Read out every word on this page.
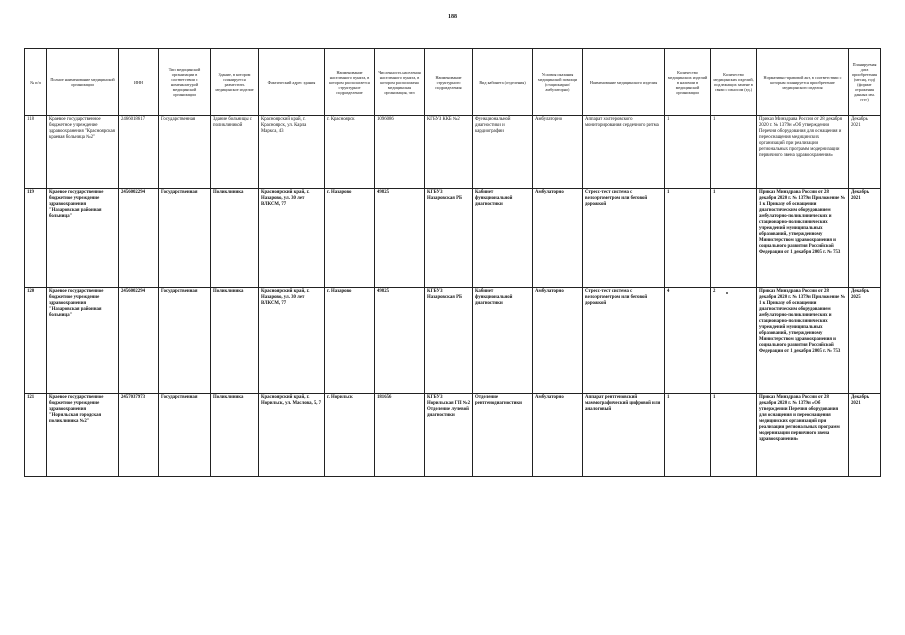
188
№ п/п	Полное наименование медицинской организации	ИНН	Тип медицинской организации в соответствии с номенклатурой медицинской организации	Здание, в котором планируется разместить медицинское изделие	Фактический адрес здания	Наименование населенного пункта, в котором располагается структурное подразделение	Численность населения населенного пункта, в котором расположена медицинская организация, чел	Наименование структурного подразделения	Вид кабинета (отделения)	Условия оказания медицинской помощи (стационарно/ амбулаторно)	Наименование медицинского изделия	Количество медицинских изделий в наличии в медицинской организации	Количество медицинских изделий, подлежащих замене в связи с износом (ед.)	Нормативно-правовой акт, в соответствии с которым планируется приобретение медицинского изделия	Планируемая дата приобретения (месяц, год) (формат отражения данных мм. гггг)
118	Краевое государственное бюджетное учреждение здравоохранения "Красноярская краевая больница №2"	2466018617	Государственная	Здание больницы с поликлиникой	Красноярский край, г. Красноярск, ул. Карла Маркса, 43	г. Красноярск	1096086	КГБУЗ ККБ №2	Функциональной диагностики и кардиографии	Амбулаторно	Аппарат холтеровского мониторирования сердечного ритма	1	1	Приказ Минздрава России от 28 декабря 2020 г. № 1379н «Об утверждении Перечня оборудования для оснащения и переоснащения медицинских организаций при реализации региональных программ модернизации первичного звена здравоохранения»	Декабрь 2021
119	Краевое государственное бюджетное учреждение здравоохранения "Назаровская районная больница"	2456002294	Государственная	Поликлиника	Красноярский край, г. Назарово, ул. 30 лет ВЛКСМ, 77	г. Назарово	49825	КГБУЗ Назаровская РБ	Кабинет функциональной диагностики	Амбулаторно	Стресс-тест система с велоэргометром или беговой дорожкой	1	1	Приказ Минздрава России от 28 декабря 2020 г. № 1379н Приложение № 1 к Приказу об оснащении диагностическим оборудованием амбулаторно-поликлинических и стационарно-поликлинических учреждений муниципальных образований, утвержденному Министерством здравоохранения и социального развития Российской Федерации от 1 декабря 2005 г. № 753	Декабрь 2021
120	Краевое государственное бюджетное учреждение здравоохранения "Назаровская районная больница"	2456002294	Государственная	Поликлиника	Красноярский край, г. Назарово, ул. 30 лет ВЛКСМ, 77	г. Назарово	49825	КГБУЗ Назаровская РБ	Кабинет функциональной диагностики	Амбулаторно	Стресс-тест система с велоэргометром или беговой дорожкой	4	2	Приказ Минздрава России от 28 декабря 2020 г. № 1379н Приложение № 1 к Приказу об оснащении диагностическим оборудованием амбулаторно-поликлинических и стационарно-поликлинических учреждений муниципальных образований, утвержденному Министерством здравоохранения и социального развития Российской Федерации от 1 декабря 2005 г. № 753	Декабрь 2025
121	Краевое государственное бюджетное учреждение здравоохранения "Норильская городская поликлиника №2"	2457037973	Государственная	Поликлиника	Красноярский край, г. Норильск, ул. Маслова, 5, 7	г. Норильск	181656	КГБУЗ Норильская ГП №2 Отделение лучевой диагностики	Отделение рентгенодиагностики	Амбулаторно	Аппарат рентгеновский маммографический цифровой или аналоговый	1	1	Приказ Минздрава России от 28 декабря 2020 г. № 1379н «Об утверждении Перечня оборудования для оснащения и переоснащения медицинских организаций при реализации региональных программ модернизации первичного звена здравоохранения»	Декабрь 2021
